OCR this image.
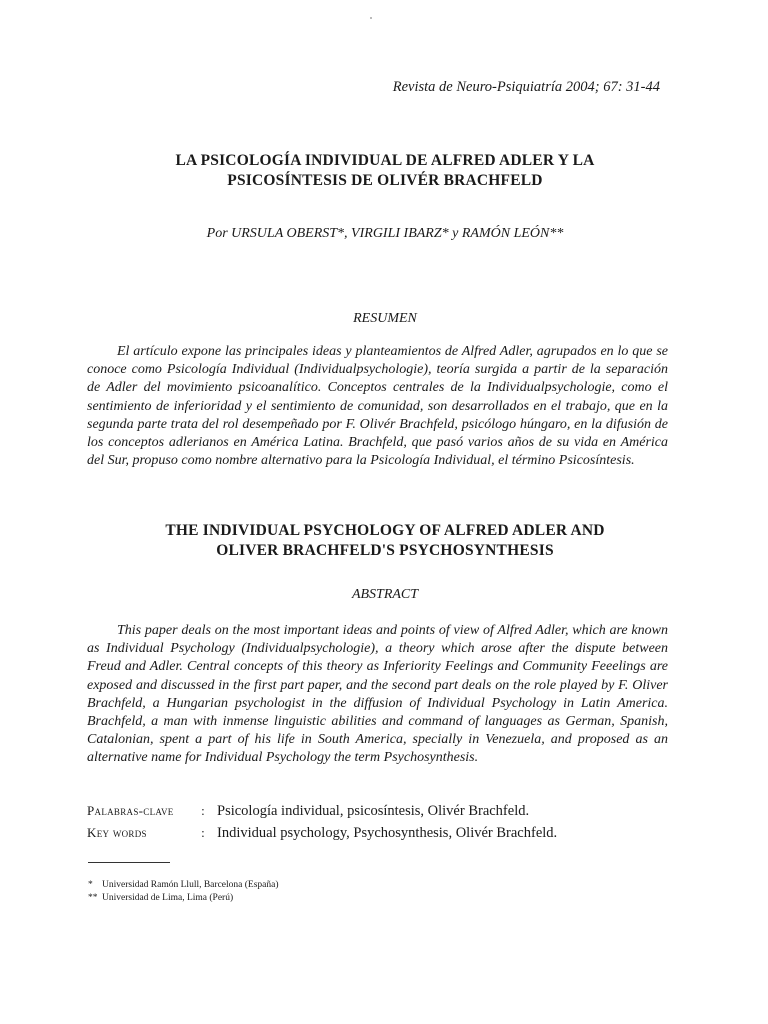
Revista de Neuro-Psiquiatría 2004; 67: 31-44
LA PSICOLOGÍA INDIVIDUAL DE ALFRED ADLER Y LA
PSICOSÍNTESIS DE OLIVÉR BRACHFELD
Por URSULA OBERST*, VIRGILI IBARZ* y RAMÓN LEÓN**
RESUMEN

El artículo expone las principales ideas y planteamientos de Alfred Adler, agrupados en lo que se conoce como Psicología Individual (Individualpsychologie), teoría surgida a partir de la separación de Adler del movimiento psicoanalítico. Conceptos centrales de la Individualpsychologie, como el sentimiento de inferioridad y el sentimiento de comunidad, son desarrollados en el trabajo, que en la segunda parte trata del rol desempeñado por F. Olivér Brachfeld, psicólogo húngaro, en la difusión de los conceptos adlerianos en América Latina. Brachfeld, que pasó varios años de su vida en América del Sur, propuso como nombre alternativo para la Psicología Individual, el término Psicosíntesis.

THE INDIVIDUAL PSYCHOLOGY OF ALFRED ADLER AND
OLIVER BRACHFELD'S PSYCHOSYNTHESIS
ABSTRACT

This paper deals on the most important ideas and points of view of Alfred Adler, which are known as Individual Psychology (Individualpsychologie), a theory which arose after the dispute between Freud and Adler. Central concepts of this theory as Inferiority Feelings and Community Feeelings are exposed and discussed in the first part paper, and the second part deals on the role played by F. Oliver Brachfeld, a Hungarian psychologist in the diffusion of Individual Psychology in Latin America. Brachfeld, a man with inmense linguistic abilities and command of languages as German, Spanish, Catalonian, spent a part of his life in South America, specially in Venezuela, and proposed as an alternative name for Individual Psychology the term Psychosynthesis.

Palabras-clave : Psicología individual, psicosíntesis, Olivér Brachfeld.
Key words	: Individual psychology, Psychosynthesis, Olivér Brachfeld.
* Universidad Ramón Llull, Barcelona (España)
** Universidad de Lima, Lima (Perú)
